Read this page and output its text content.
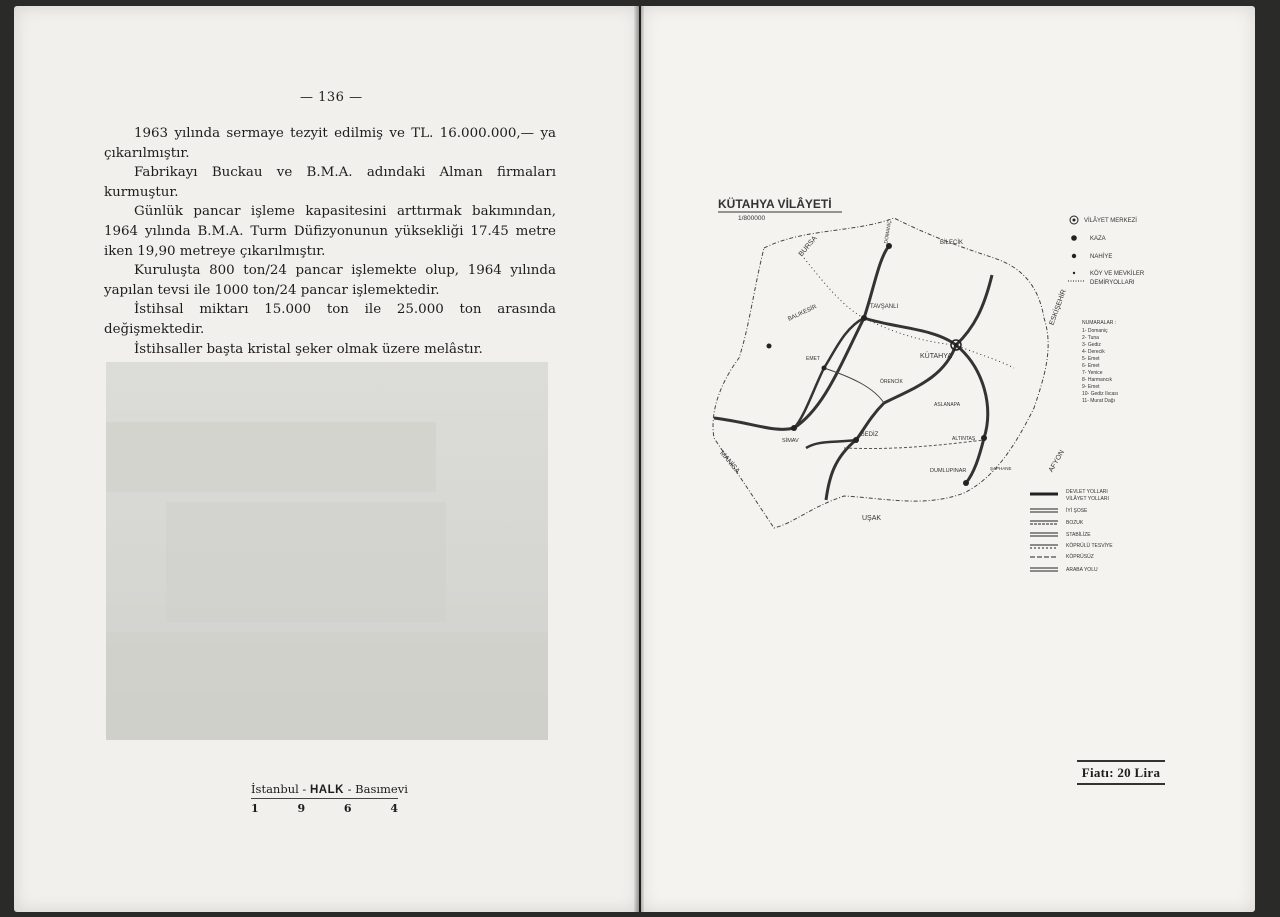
— 136 —

1963 yılında sermaye tezyit edilmiş ve TL. 16.000.000,— ya çıkarılmıştır.

Fabrikayı Buckau ve B.M.A. adındaki Alman firmaları kurmuştur.

Günlük pancar işleme kapasitesini arttırmak bakımından, 1964 yılında B.M.A. Turm Düfizyonunun yüksekliği 17.45 metre iken 19,90 metreye çıkarılmıştır.

Kuruluşta 800 ton/24 pancar işlemekte olup, 1964 yılında yapılan tevsi ile 1000 ton/24 pancar işlemektedir.

İstihsal miktarı 15.000 ton ile 25.000 ton arasında değişmektedir.

İstihsaller başta kristal şeker olmak üzere melâstır.

İstanbul - HALK - Basımevi
1	9	6	4
KÜTAHYA VİLÂYETİ
1/800000
KÜTAHYA
TAVŞANLI
SİMAV
GEDİZ
EMET
ALTINTAŞ
DUMLUPINAR
DOMANİÇ
ÖRENCİK
ASLANAPA
ŞAPHANE
BİLECİK
BURSA
ESKİŞEHİR
UŞAK
MANİSA	AFYON
BALIKESİR
VİLÂYET MERKEZİ
KAZA
NAHİYE
KÖY VE MEVKİLER
DEMİRYOLLARI
NUMARALAR :
1- Domaniç
2- Tuna
3- Gediz
4- Derecik
5- Emet
6- Emet
7- Yenice
8- Harmancık
9- Emet
10- Gediz Ilıcası
11- Murat Dağı
DEVLET YOLLARI
VİLÂYET YOLLARI
İYİ ŞOSE
BOZUK
STABİLİZE
KÖPRÜLÜ TESVİYE
KÖPRÜSÜZ
ARABA YOLU
Fiatı: 20 Lira
